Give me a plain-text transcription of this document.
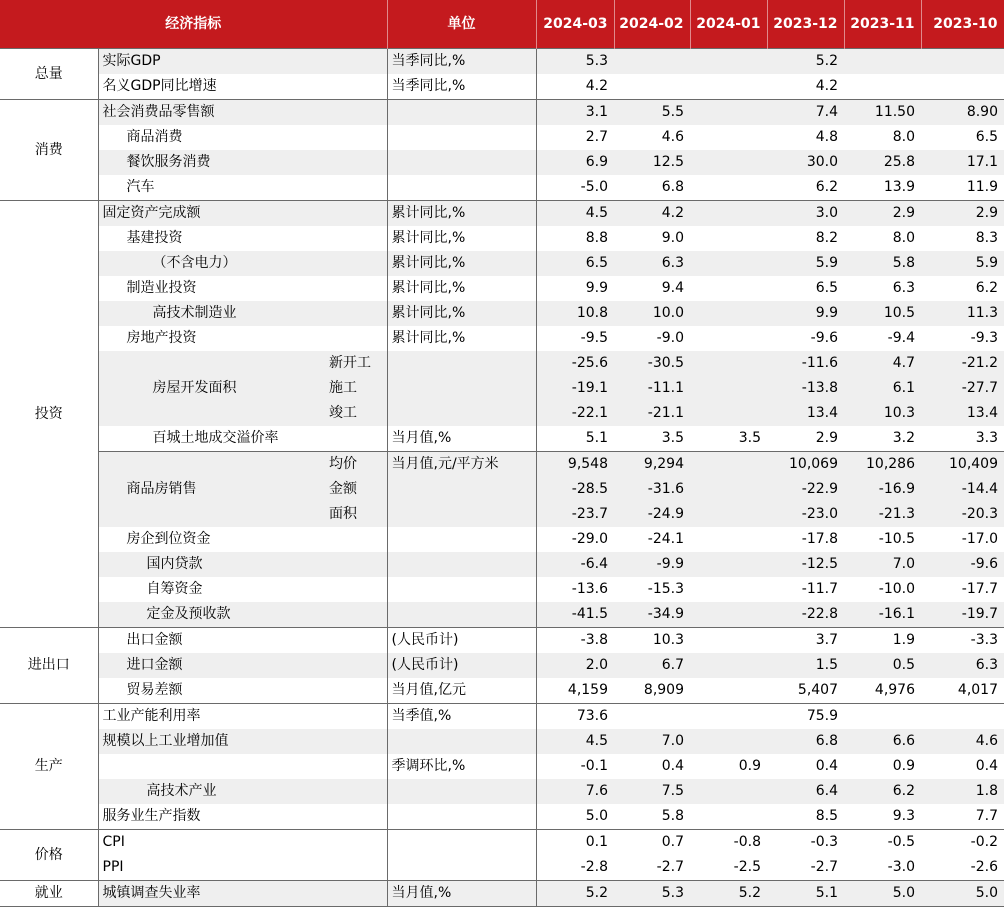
经济指标			单位	2024-03	2024-02	2024-01	2023-12	2023-11	2023-10
总量	实际GDP		当季同比,%	5.3			5.2		
	名义GDP同比增速		当季同比,%	4.2			4.2		
消费	社会消费品零售额			3.1	5.5		7.4	11.50	8.90
	商品消费			2.7	4.6		4.8	8.0	6.5
	餐饮服务消费			6.9	12.5		30.0	25.8	17.1
	汽车			-5.0	6.8		6.2	13.9	11.9
投资	固定资产完成额		累计同比,%	4.5	4.2		3.0	2.9	2.9
	基建投资		累计同比,%	8.8	9.0		8.2	8.0	8.3
	（不含电力）		累计同比,%	6.5	6.3		5.9	5.8	5.9
	制造业投资		累计同比,%	9.9	9.4		6.5	6.3	6.2
	高技术制造业		累计同比,%	10.8	10.0		9.9	10.5	11.3
	房地产投资		累计同比,%	-9.5	-9.0		-9.6	-9.4	-9.3
	房屋开发面积	新开工		-25.6	-30.5		-11.6	4.7	-21.2
		施工		-19.1	-11.1		-13.8	6.1	-27.7
		竣工		-22.1	-21.1		13.4	10.3	13.4
	百城土地成交溢价率		当月值,%	5.1	3.5	3.5	2.9	3.2	3.3
	商品房销售	均价	当月值,元/平方米	9,548	9,294		10,069	10,286	10,409
		金额		-28.5	-31.6		-22.9	-16.9	-14.4
		面积		-23.7	-24.9		-23.0	-21.3	-20.3
	房企到位资金			-29.0	-24.1		-17.8	-10.5	-17.0
	国内贷款			-6.4	-9.9		-12.5	7.0	-9.6
	自筹资金			-13.6	-15.3		-11.7	-10.0	-17.7
	定金及预收款			-41.5	-34.9		-22.8	-16.1	-19.7
进出口	出口金额		(人民币计)	-3.8	10.3		3.7	1.9	-3.3
	进口金额		(人民币计)	2.0	6.7		1.5	0.5	6.3
	贸易差额		当月值,亿元	4,159	8,909		5,407	4,976	4,017
生产	工业产能利用率		当季值,%	73.6			75.9		
	规模以上工业增加值			4.5	7.0		6.8	6.6	4.6
			季调环比,%	-0.1	0.4	0.9	0.4	0.9	0.4
	高技术产业			7.6	7.5		6.4	6.2	1.8
	服务业生产指数			5.0	5.8		8.5	9.3	7.7
价格	CPI			0.1	0.7	-0.8	-0.3	-0.5	-0.2
	PPI			-2.8	-2.7	-2.5	-2.7	-3.0	-2.6
就业	城镇调查失业率		当月值,%	5.2	5.3	5.2	5.1	5.0	5.0
